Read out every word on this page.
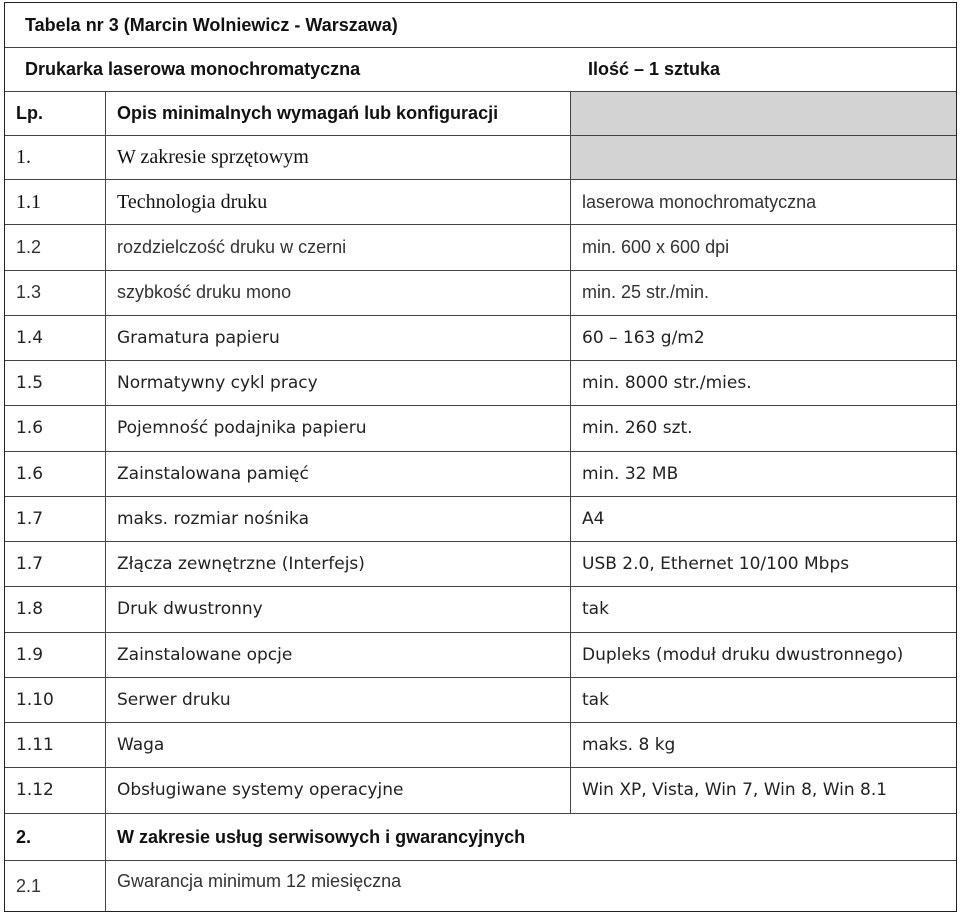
Tabela nr 3 (Marcin Wolniewicz - Warszawa)
Drukarka laserowa monochromatyczna	Ilość – 1 sztuka
Lp.	Opis minimalnych wymagań lub konfiguracji
1.	W zakresie sprzętowym
1.1	Technologia druku	laserowa monochromatyczna
1.2	rozdzielczość druku w czerni	min. 600 x 600 dpi
1.3	szybkość druku mono	min. 25 str./min.
1.4	Gramatura papieru	60 – 163 g/m2
1.5	Normatywny cykl pracy	min. 8000 str./mies.
1.6	Pojemność podajnika papieru	min. 260 szt.
1.6	Zainstalowana pamięć	min. 32 MB
1.7	maks. rozmiar nośnika	A4
1.7	Złącza zewnętrzne (Interfejs)	USB 2.0, Ethernet 10/100 Mbps
1.8	Druk dwustronny	tak
1.9	Zainstalowane opcje	Dupleks (moduł druku dwustronnego)
1.10	Serwer druku	tak
1.11	Waga	maks. 8 kg
1.12	Obsługiwane systemy operacyjne	Win XP, Vista, Win 7, Win 8, Win 8.1
2.	W zakresie usług serwisowych i gwarancyjnych
2.1	Gwarancja minimum 12 miesięczna
